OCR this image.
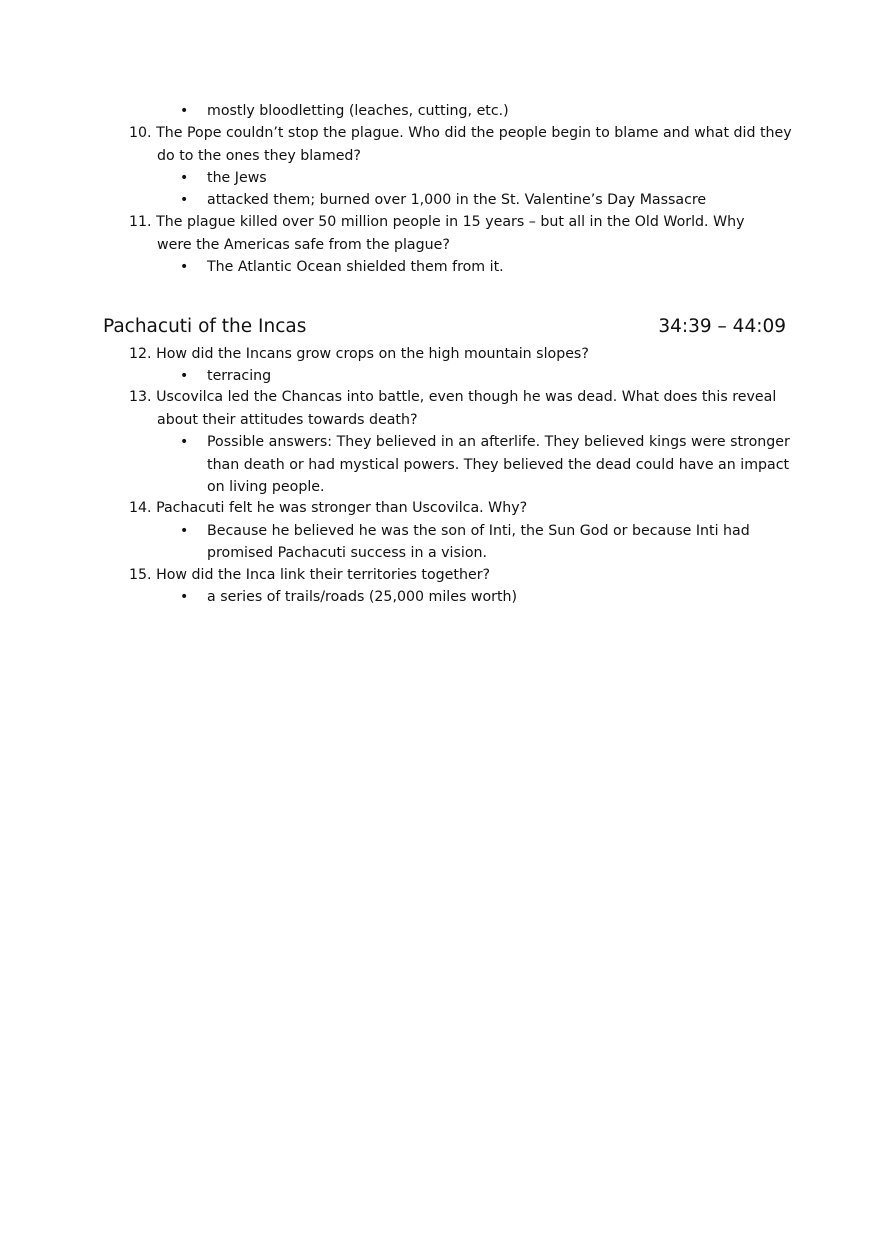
• mostly bloodletting (leaches, cutting, etc.)
10. The Pope couldn’t stop the plague. Who did the people begin to blame and what did they
do to the ones they blamed?
• the Jews
• attacked them; burned over 1,000 in the St. Valentine’s Day Massacre
11. The plague killed over 50 million people in 15 years – but all in the Old World. Why
were the Americas safe from the plague?
• The Atlantic Ocean shielded them from it.
Pachacuti of the Incas	34:39 – 44:09
12. How did the Incans grow crops on the high mountain slopes?
• terracing
13. Uscovilca led the Chancas into battle, even though he was dead. What does this reveal
about their attitudes towards death?
• Possible answers: They believed in an afterlife. They believed kings were stronger
than death or had mystical powers. They believed the dead could have an impact
on living people.
14. Pachacuti felt he was stronger than Uscovilca. Why?
• Because he believed he was the son of Inti, the Sun God or because Inti had
promised Pachacuti success in a vision.
15. How did the Inca link their territories together?
• a series of trails/roads (25,000 miles worth)
